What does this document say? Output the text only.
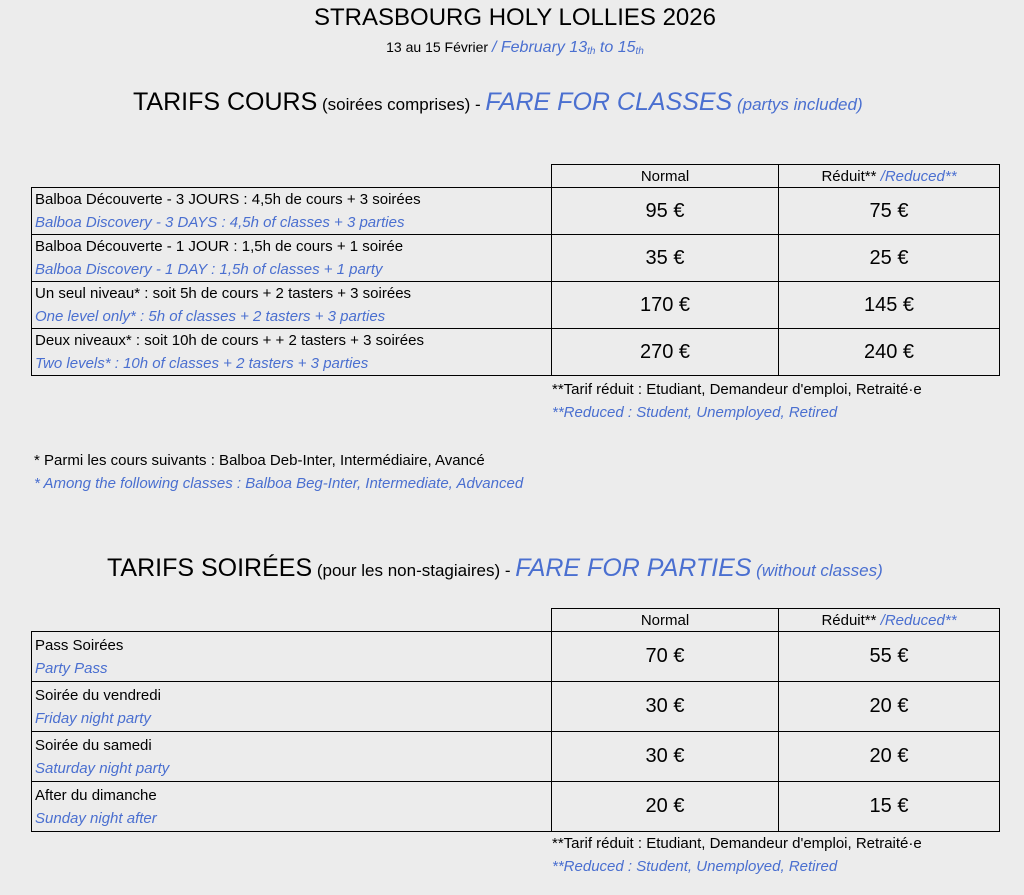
STRASBOURG HOLY LOLLIES 2026
13 au 15 Février / February $13_{th}$ to $15_{th}$
TARIFS COURS (soirées comprises) - FARE FOR CLASSES (partys included)
	Normal	Réduit** /Reduced**

Balboa Découverte - 3 JOURS : 4,5h de cours + 3 soirées
Balboa Discovery - 3 DAYS : 4,5h of classes + 3 parties	95 €	75 €

Balboa Découverte - 1 JOUR : 1,5h de cours + 1 soirée
Balboa Discovery - 1 DAY : 1,5h of classes + 1 party	35 €	25 €

Un seul niveau* : soit 5h de cours + 2 tasters + 3 soirées
One level only* : 5h of classes + 2 tasters + 3 parties	170 €	145 €

Deux niveaux* : soit 10h de cours + + 2 tasters + 3 soirées
Two levels* : 10h of classes + 2 tasters + 3 parties	270 €	240 €
**Tarif réduit : Etudiant, Demandeur d'emploi, Retraité·e
**Reduced : Student, Unemployed, Retired
* Parmi les cours suivants : Balboa Deb-Inter, Intermédiaire, Avancé
* Among the following classes : Balboa Beg-Inter, Intermediate, Advanced
TARIFS SOIRÉES (pour les non-stagiaires) - FARE FOR PARTIES (without classes)
	Normal	Réduit** /Reduced**

Pass Soirées
Party Pass	70 €	55 €

Soirée du vendredi
Friday night party	30 €	20 €

Soirée du samedi
Saturday night party	30 €	20 €

After du dimanche
Sunday night after	20 €	15 €
**Tarif réduit : Etudiant, Demandeur d'emploi, Retraité·e
**Reduced : Student, Unemployed, Retired
